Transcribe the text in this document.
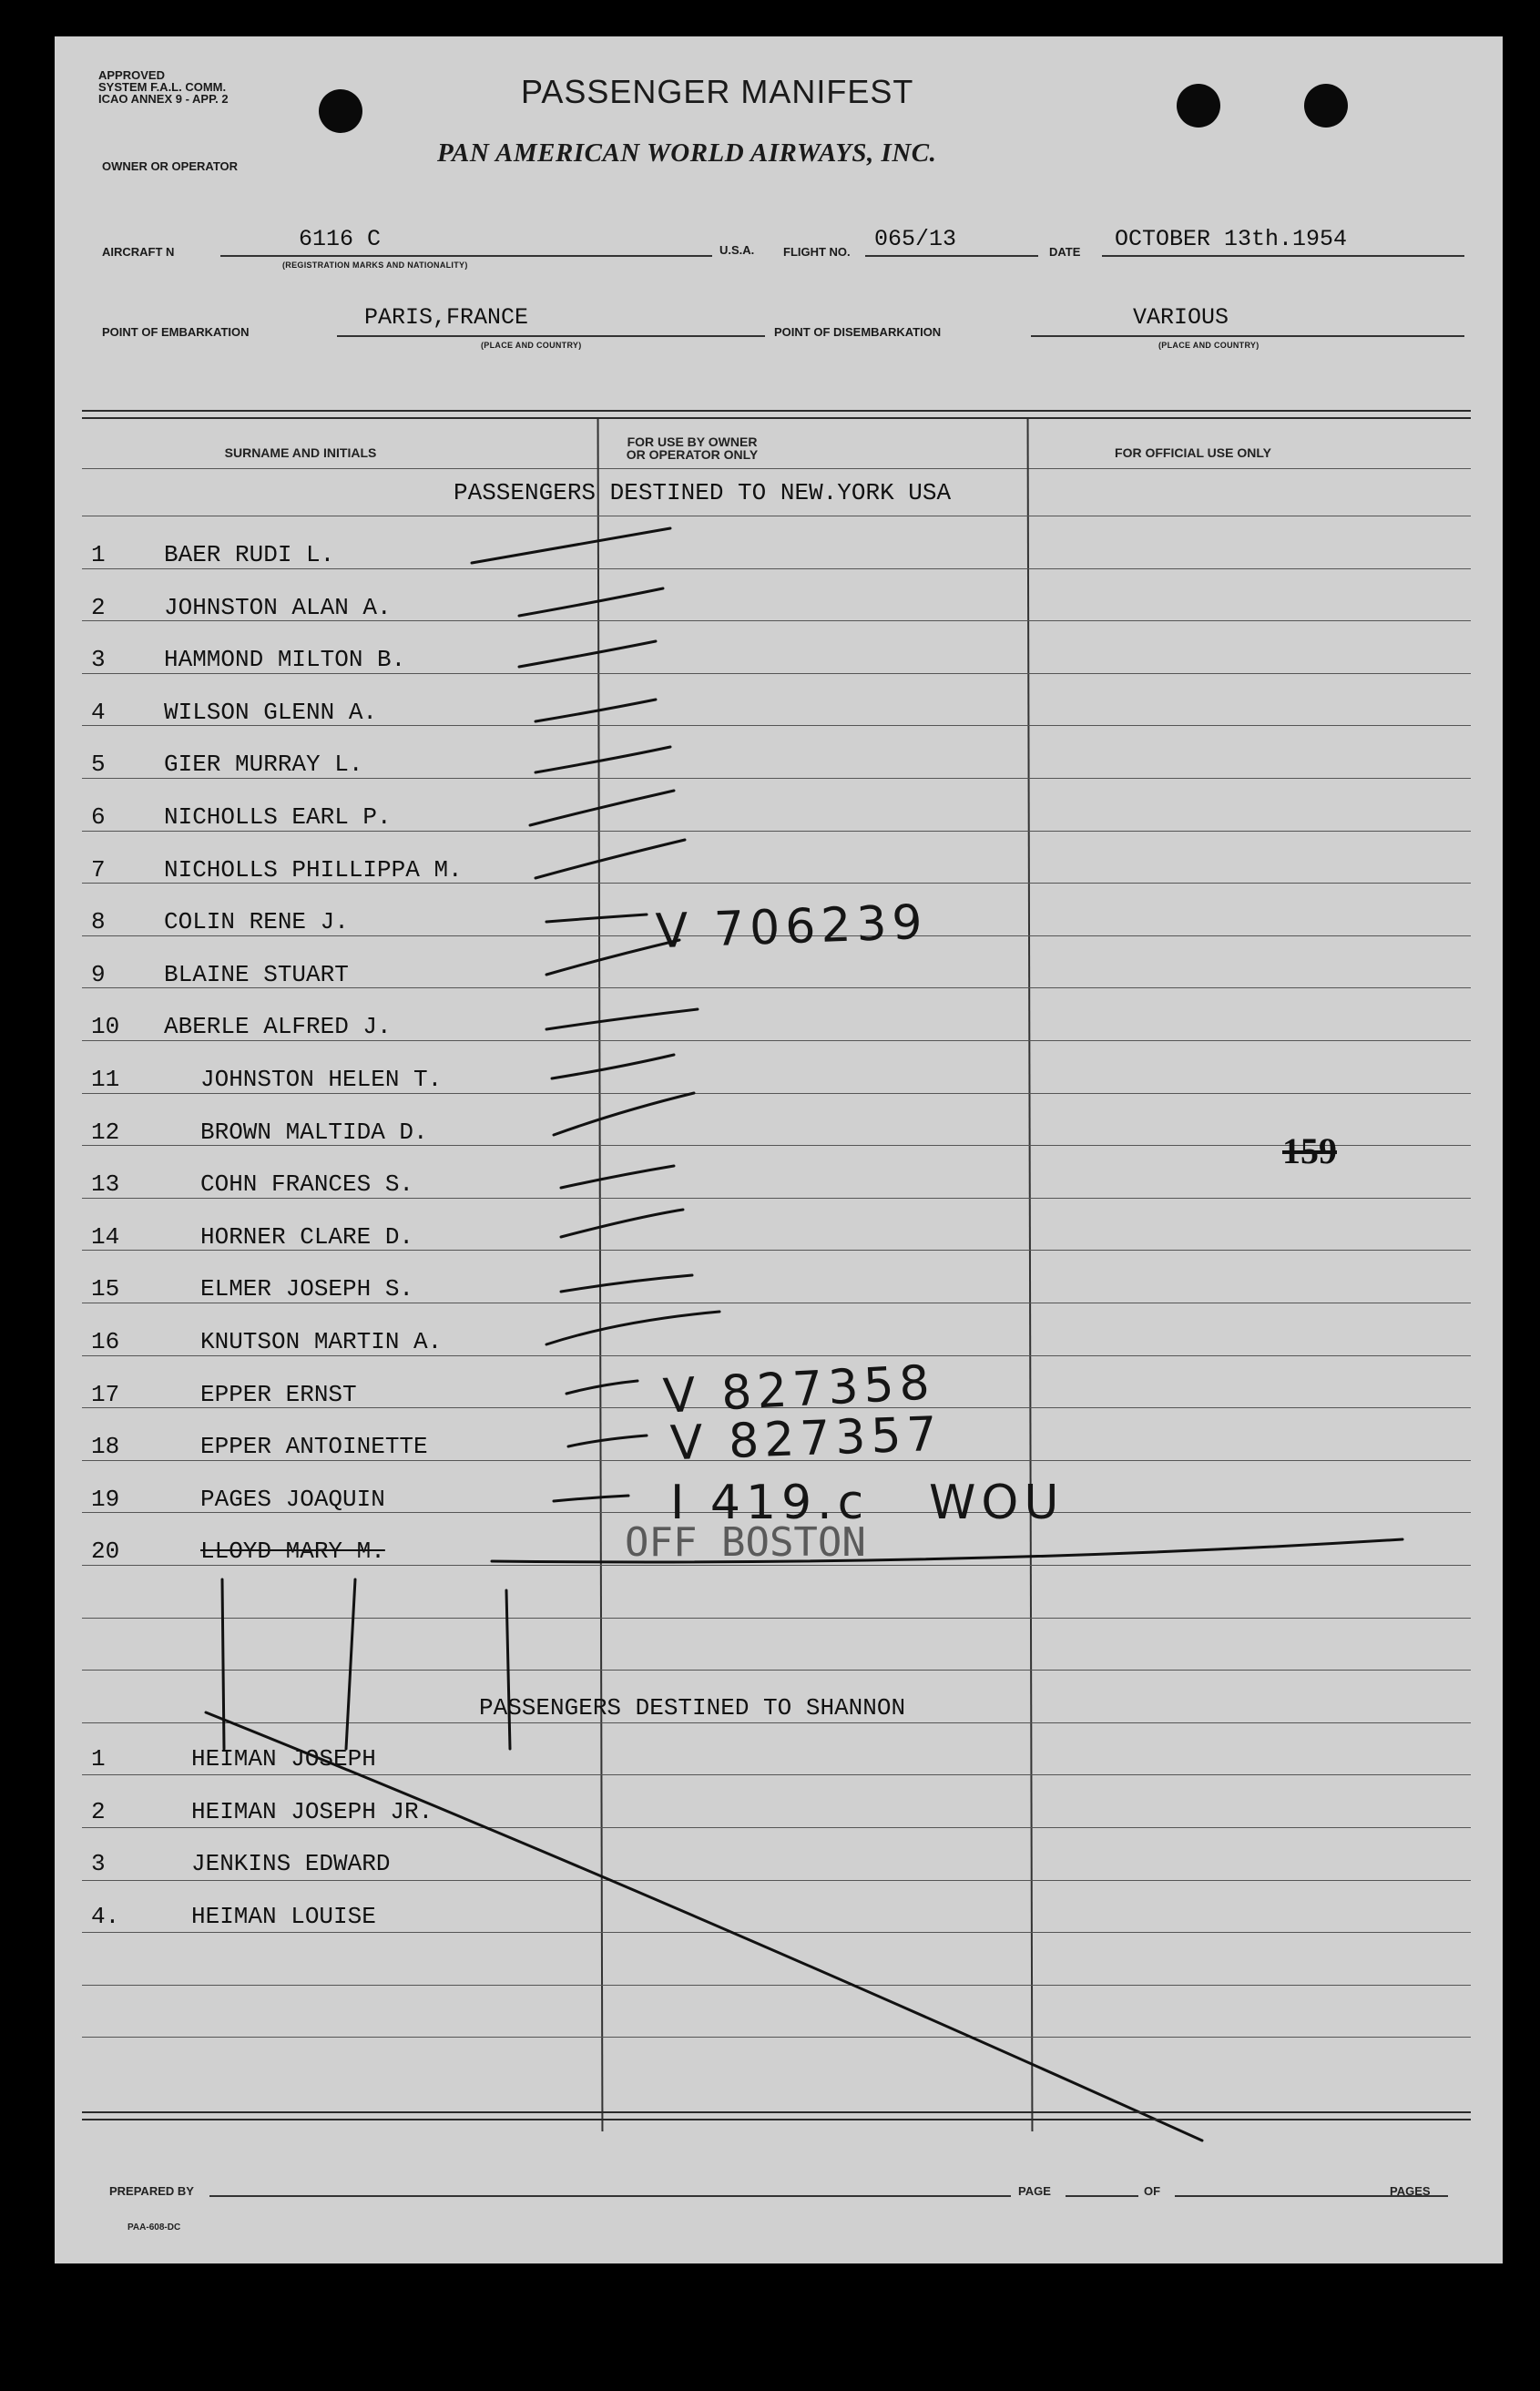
APPROVED
SYSTEM F.A.L. COMM.
ICAO ANNEX 9 - APP. 2	PASSENGER MANIFEST
OWNER OR OPERATOR	PAN AMERICAN WORLD AIRWAYS, INC.
AIRCRAFT N	6116 C
(REGISTRATION MARKS AND NATIONALITY)
U.S.A. FLIGHT NO. 065/13	DATE OCTOBER 13th.1954
POINT OF EMBARKATION
PARIS,FRANCE
(PLACE AND COUNTRY)
POINT OF DISEMBARKATION
VARIOUS
(PLACE AND COUNTRY)
SURNAME AND INITIALS
FOR USE BY OWNER
OR OPERATOR ONLY	FOR OFFICIAL USE ONLY
PASSENGERS DESTINED TO NEW.YORK USA
1 BAER RUDI L.
2 JOHNSTON ALAN A.
3 HAMMOND MILTON B.
4 WILSON GLENN A.
5 GIER MURRAY L.
6 NICHOLLS EARL P.
7 NICHOLLS PHILLIPPA M.
8 COLIN RENE J.
9 BLAINE STUART
10 ABERLE ALFRED J.
11	JOHNSTON HELEN T.
12	BROWN MALTIDA D.
13	COHN FRANCES S.
14	HORNER CLARE D.
15	ELMER JOSEPH S.
16	KNUTSON MARTIN A.
17	EPPER ERNST
18	EPPER ANTOINETTE
19	PAGES JOAQUIN
20	LLOYD MARY M.
PASSENGERS DESTINED TO SHANNON
1	HEIMAN JOSEPH
2	HEIMAN JOSEPH JR.
3	JENKINS EDWARD
4.	HEIMAN LOUISE
V 706239
V 827358
V 827357
I 419.c WOU
OFF BOSTON
159
PREPARED BY	PAGE	OF	PAGES
PAA-608-DC
